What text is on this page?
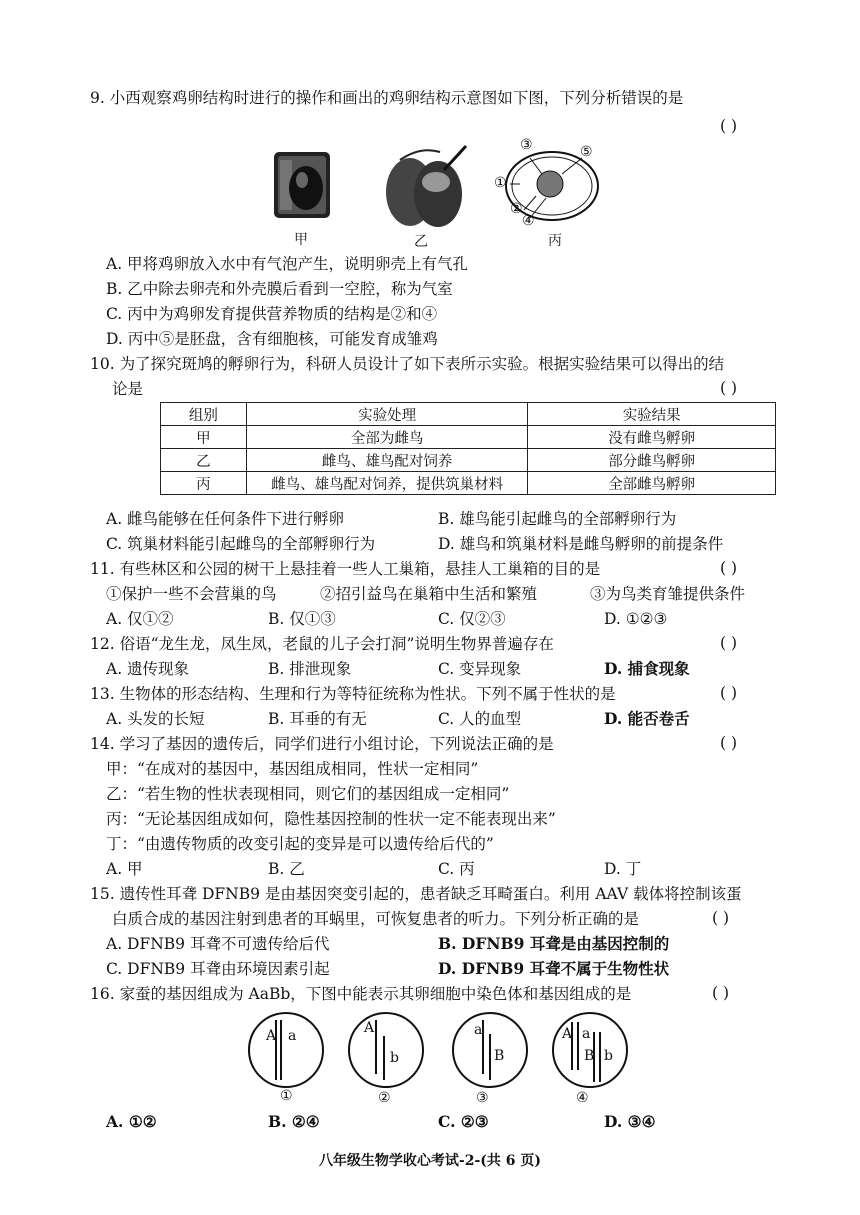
9. 小西观察鸡卵结构时进行的操作和画出的鸡卵结构示意图如下图，下列分析错误的是
( )
甲	乙
③	⑤
①
②
④
丙
A. 甲将鸡卵放入水中有气泡产生，说明卵壳上有气孔
B. 乙中除去卵壳和外壳膜后看到一空腔，称为气室
C. 丙中为鸡卵发育提供营养物质的结构是②和④
D. 丙中⑤是胚盘，含有细胞核，可能发育成雏鸡
10. 为了探究斑鸠的孵卵行为，科研人员设计了如下表所示实验。根据实验结果可以得出的结
论是	( )
组别	实验处理	实验结果
甲	全部为雌鸟	没有雌鸟孵卵
乙	雌鸟、雄鸟配对饲养	部分雌鸟孵卵
丙	雌鸟、雄鸟配对饲养，提供筑巢材料	全部雌鸟孵卵
A. 雌鸟能够在任何条件下进行孵卵	B. 雄鸟能引起雌鸟的全部孵卵行为
C. 筑巢材料能引起雌鸟的全部孵卵行为	D. 雄鸟和筑巢材料是雌鸟孵卵的前提条件
11. 有些林区和公园的树干上悬挂着一些人工巢箱，悬挂人工巢箱的目的是	( )
①保护一些不会营巢的鸟	②招引益鸟在巢箱中生活和繁殖	③为鸟类育雏提供条件
A. 仅①②	B. 仅①③	C. 仅②③	D. ①②③
12. 俗语“龙生龙，凤生凤，老鼠的儿子会打洞”说明生物界普遍存在	( )
A. 遗传现象	B. 排泄现象	C. 变异现象	D. 捕食现象
13. 生物体的形态结构、生理和行为等特征统称为性状。下列不属于性状的是	( )
A. 头发的长短	B. 耳垂的有无	C. 人的血型	D. 能否卷舌
14. 学习了基因的遗传后，同学们进行小组讨论，下列说法正确的是	( )
甲：“在成对的基因中，基因组成相同，性状一定相同”
乙：“若生物的性状表现相同，则它们的基因组成一定相同”
丙：“无论基因组成如何，隐性基因控制的性状一定不能表现出来”
丁：“由遗传物质的改变引起的变异是可以遗传给后代的”
A. 甲	B. 乙	C. 丙	D. 丁
15. 遗传性耳聋 DFNB9 是由基因突变引起的，患者缺乏耳畸蛋白。利用 AAV 载体将控制该蛋
白质合成的基因注射到患者的耳蜗里，可恢复患者的听力。下列分析正确的是	( )
A. DFNB9 耳聋不可遗传给后代	B. DFNB9 耳聋是由基因控制的
C. DFNB9 耳聋由环境因素引起	D. DFNB9 耳聋不属于生物性状
16. 家蚕的基因组成为 AaBb，下图中能表示其卵细胞中染色体和基因组成的是	( )
A a
①
A
b
②
a
B
③
A a
B b
④
A. ①②	B. ②④	C. ②③	D. ③④
八年级生物学收心考试-2-(共 6 页)
